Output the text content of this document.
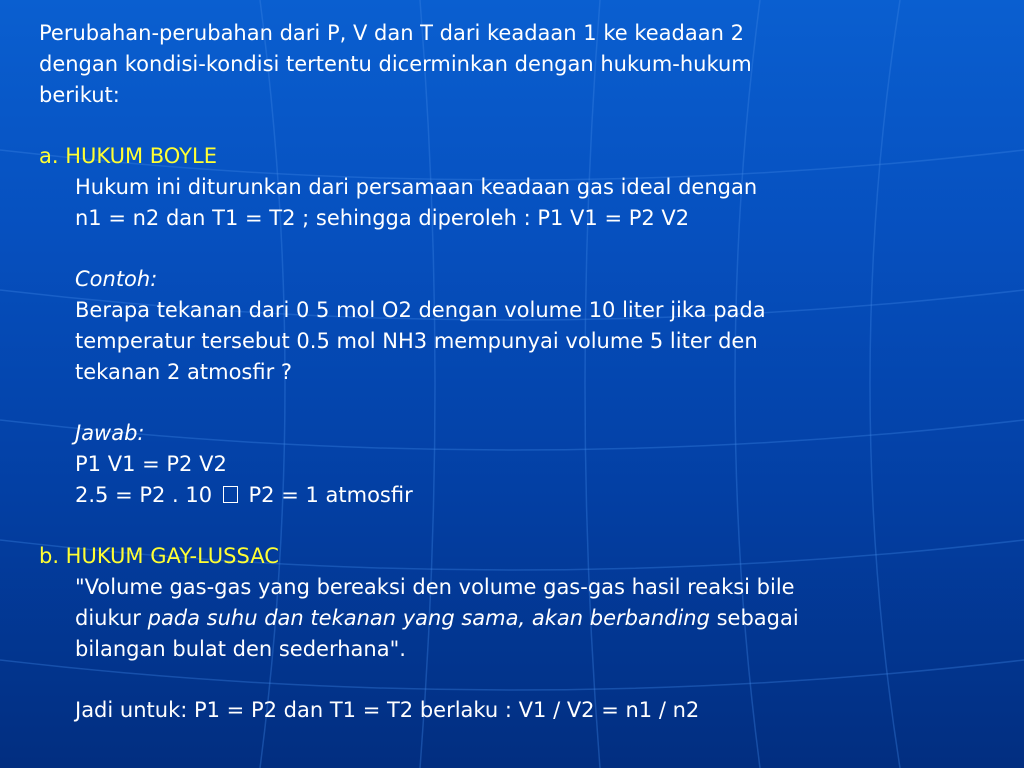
Perubahan-perubahan dari P, V dan T dari keadaan 1 ke keadaan 2
dengan kondisi-kondisi tertentu dicerminkan dengan hukum-hukum
berikut:
a. HUKUM BOYLE
Hukum ini diturunkan dari persamaan keadaan gas ideal dengan
n1 = n2 dan T1 = T2 ; sehingga diperoleh : P1 V1 = P2 V2
Contoh:
Berapa tekanan dari 0 5 mol O2 dengan volume 10 liter jika pada
temperatur tersebut 0.5 mol NH3 mempunyai volume 5 liter den
tekanan 2 atmosfir ?
Jawab:
P1 V1 = P2 V2
2.5 = P2 . 10 P2 = 1 atmosfir
b. HUKUM GAY-LUSSAC
"Volume gas-gas yang bereaksi den volume gas-gas hasil reaksi bile
diukur pada suhu dan tekanan yang sama, akan berbanding sebagai
bilangan bulat den sederhana".
Jadi untuk: P1 = P2 dan T1 = T2 berlaku : V1 / V2 = n1 / n2
